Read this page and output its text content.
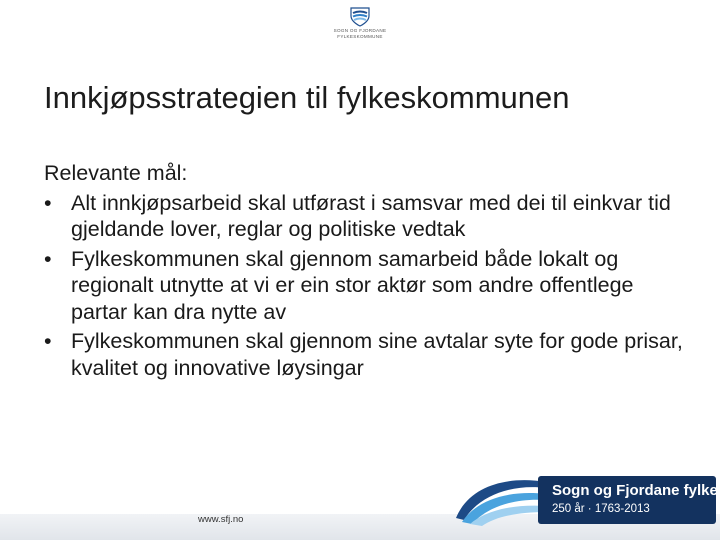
SOGN OG FJORDANE
FYLKESKOMMUNE
Innkjøpsstrategien til fylkeskommunen

Relevante mål:

• Alt innkjøpsarbeid skal utførast i samsvar med dei til einkvar tid gjeldande lover, reglar og politiske vedtak
• Fylkeskommunen skal gjennom samarbeid både lokalt og regionalt utnytte at vi er ein stor aktør som andre offentlege partar kan dra nytte av
• Fylkeskommunen skal gjennom sine avtalar syte for gode prisar, kvalitet og innovative løysingar
www.sfj.no
Sogn og Fjordane fylke
250 år · 1763-2013
